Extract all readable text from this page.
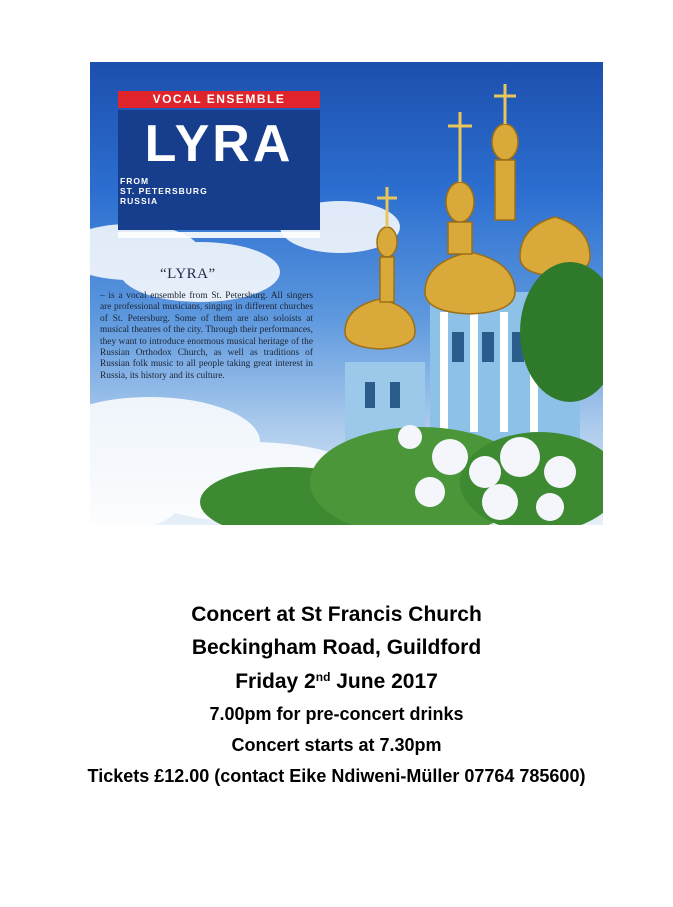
VOCAL ENSEMBLE
LYRA
FROM
ST. PETERSBURG
RUSSIA
“LYRA”
– is a vocal ensemble from St. Petersburg. All singers are professional musicians, singing in different churches of St. Petersburg. Some of them are also soloists at musical theatres of the city. Through their performances, they want to introduce enormous musical heritage of the Russian Orthodox Church, as well as traditions of Russian folk music to all people taking great interest in Russia, its history and its culture.
Concert at St Francis Church
Beckingham Road, Guildford
Friday 2nd June 2017
7.00pm for pre-concert drinks
Concert starts at 7.30pm
Tickets £12.00 (contact Eike Ndiweni-Müller 07764 785600)
